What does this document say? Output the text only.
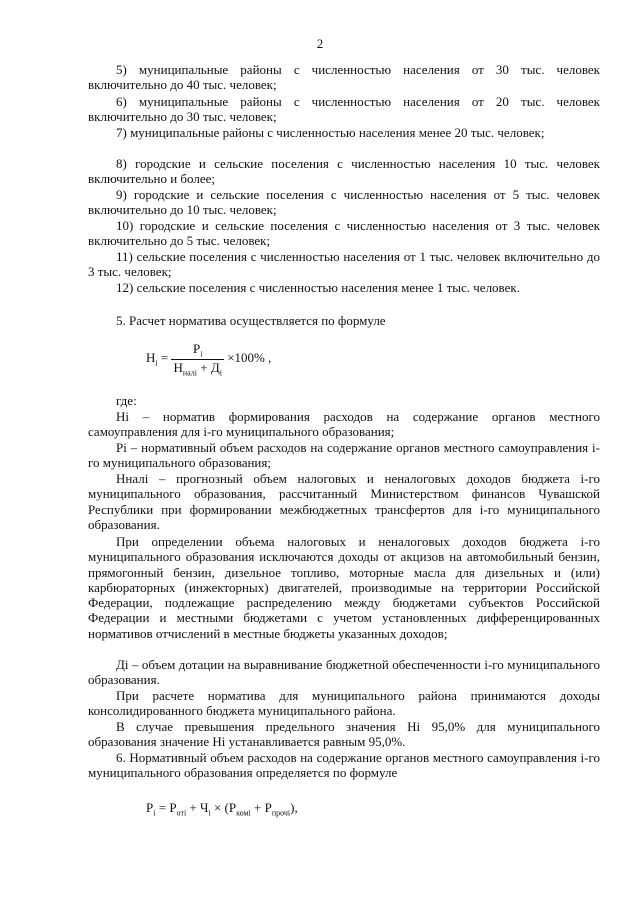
2

5) муниципальные районы с численностью населения от 30 тыс. человек включительно до 40 тыс. человек;

6) муниципальные районы с численностью населения от 20 тыс. человек включительно до 30 тыс. человек;

7) муниципальные районы с численностью населения менее 20 тыс. человек;

8) городские и сельские поселения с численностью населения 10 тыс. человек включительно и более;

9) городские и сельские поселения с численностью населения от 5 тыс. человек включительно до 10 тыс. человек;

10) городские и сельские поселения с численностью населения от 3 тыс. человек включительно до 5 тыс. человек;

11) сельские поселения с численностью населения от 1 тыс. человек включительно до 3 тыс. человек;

12) сельские поселения с численностью населения менее 1 тыс. человек.

5. Расчет норматива осуществляется по формуле

$Н_i = \frac{Р_i}{Н_{налi} + Д_i} \times 100\%$ ,

где:

Нi – норматив формирования расходов на содержание органов местного самоуправления для i-го муниципального образования;

Рi – нормативный объем расходов на содержание органов местного самоуправления i-го муниципального образования;

Нналi – прогнозный объем налоговых и неналоговых доходов бюджета i-го муниципального образования, рассчитанный Министерством финансов Чувашской Республики при формировании межбюджетных трансфертов для i-го муниципального образования.

При определении объема налоговых и неналоговых доходов бюджета i-го муниципального образования исключаются доходы от акцизов на автомобильный бензин, прямогонный бензин, дизельное топливо, моторные масла для дизельных и (или) карбюраторных (инжекторных) двигателей, производимые на территории Российской Федерации, подлежащие распределению между бюджетами субъектов Российской Федерации и местными бюджетами с учетом установленных дифференцированных нормативов отчислений в местные бюджеты указанных доходов;

Дi – объем дотации на выравнивание бюджетной обеспеченности i-го муниципального образования.

При расчете норматива для муниципального района принимаются доходы консолидированного бюджета муниципального района.

В случае превышения предельного значения Нi 95,0% для муниципального образования значение Нi устанавливается равным 95,0%.

6. Нормативный объем расходов на содержание органов местного самоуправления i-го муниципального образования определяется по формуле

$Р_i = Р_{отi} + Ч_i \times (Р_{комi} + Р_{прочi})$,
